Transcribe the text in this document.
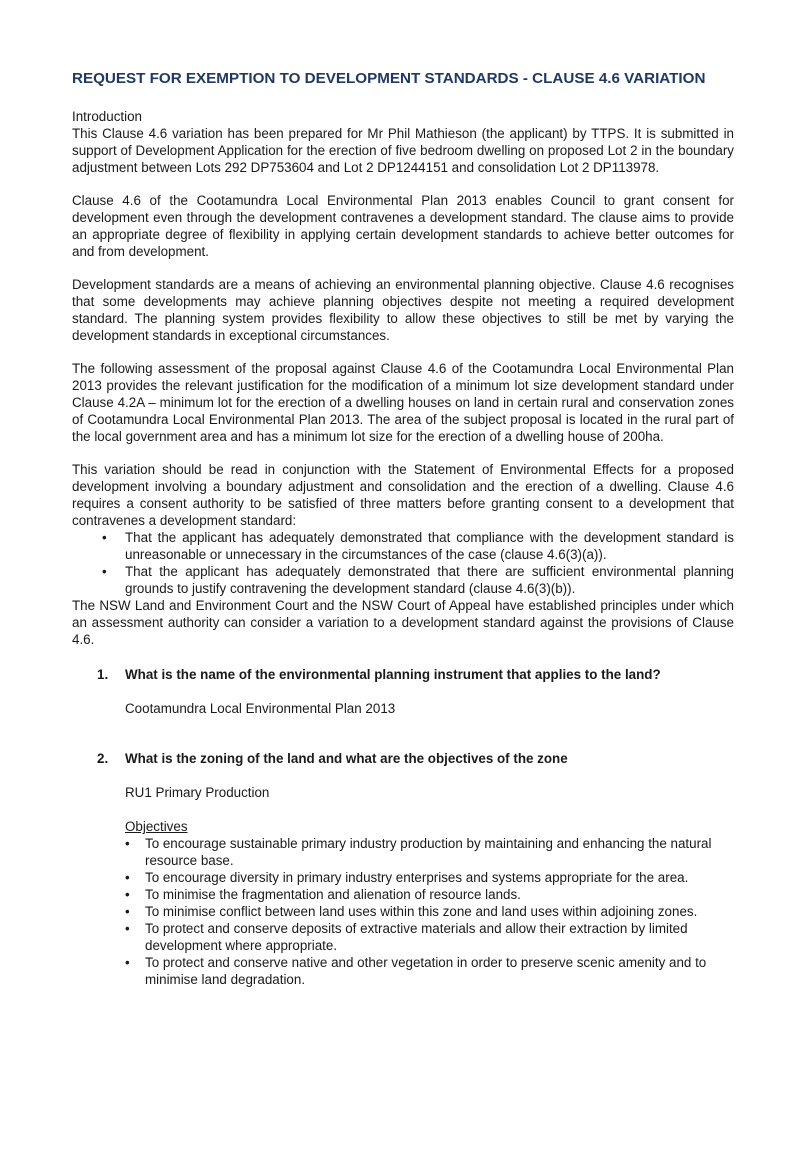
REQUEST FOR EXEMPTION TO DEVELOPMENT STANDARDS - CLAUSE 4.6 VARIATION

Introduction

This Clause 4.6 variation has been prepared for Mr Phil Mathieson (the applicant) by TTPS. It is submitted in support of Development Application for the erection of five bedroom dwelling on proposed Lot 2 in the boundary adjustment between Lots 292 DP753604 and Lot 2 DP1244151 and consolidation Lot 2 DP113978.

Clause 4.6 of the Cootamundra Local Environmental Plan 2013 enables Council to grant consent for development even through the development contravenes a development standard. The clause aims to provide an appropriate degree of flexibility in applying certain development standards to achieve better outcomes for and from development.

Development standards are a means of achieving an environmental planning objective. Clause 4.6 recognises that some developments may achieve planning objectives despite not meeting a required development standard. The planning system provides flexibility to allow these objectives to still be met by varying the development standards in exceptional circumstances.

The following assessment of the proposal against Clause 4.6 of the Cootamundra Local Environmental Plan 2013 provides the relevant justification for the modification of a minimum lot size development standard under Clause 4.2A – minimum lot for the erection of a dwelling houses on land in certain rural and conservation zones of Cootamundra Local Environmental Plan 2013. The area of the subject proposal is located in the rural part of the local government area and has a minimum lot size for the erection of a dwelling house of 200ha.

This variation should be read in conjunction with the Statement of Environmental Effects for a proposed development involving a boundary adjustment and consolidation and the erection of a dwelling. Clause 4.6 requires a consent authority to be satisfied of three matters before granting consent to a development that contravenes a development standard:

• That the applicant has adequately demonstrated that compliance with the development standard is unreasonable or unnecessary in the circumstances of the case (clause 4.6(3)(a)).
• That the applicant has adequately demonstrated that there are sufficient environmental planning grounds to justify contravening the development standard (clause 4.6(3)(b)).

The NSW Land and Environment Court and the NSW Court of Appeal have established principles under which an assessment authority can consider a variation to a development standard against the provisions of Clause 4.6.

1. What is the name of the environmental planning instrument that applies to the land?

Cootamundra Local Environmental Plan 2013

2. What is the zoning of the land and what are the objectives of the zone

RU1 Primary Production

Objectives

• To encourage sustainable primary industry production by maintaining and enhancing the natural resource base.
• To encourage diversity in primary industry enterprises and systems appropriate for the area.
• To minimise the fragmentation and alienation of resource lands.
• To minimise conflict between land uses within this zone and land uses within adjoining zones.
• To protect and conserve deposits of extractive materials and allow their extraction by limited development where appropriate.
• To protect and conserve native and other vegetation in order to preserve scenic amenity and to minimise land degradation.
